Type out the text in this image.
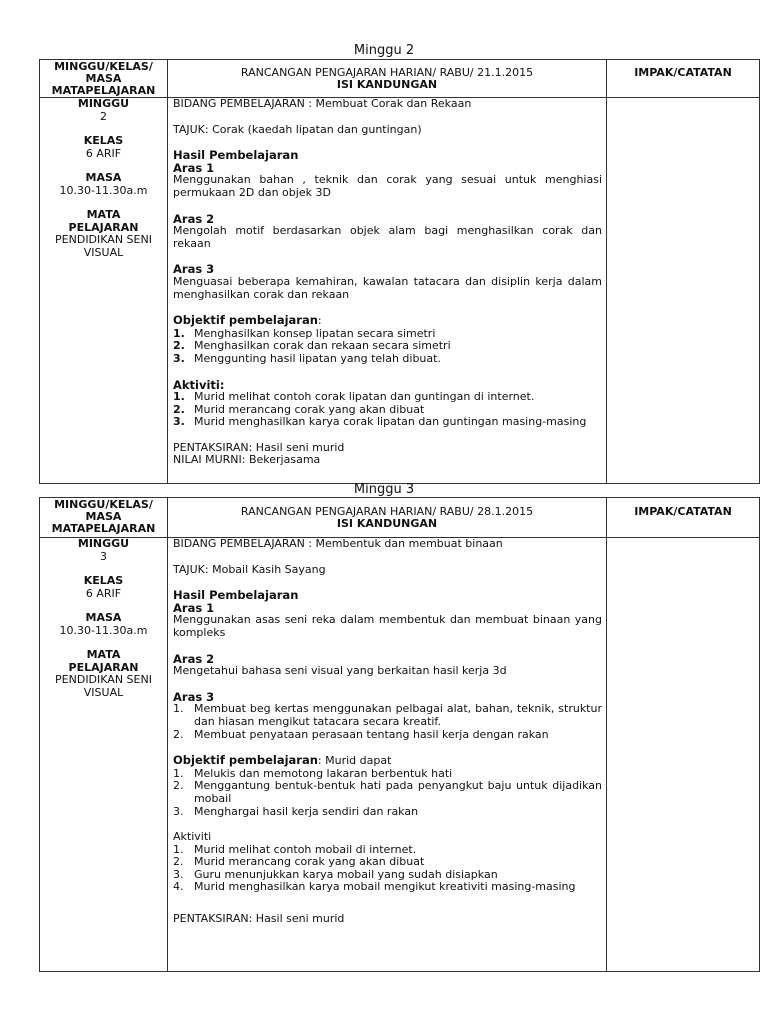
Minggu 2
MINGGU/KELAS/
MASA
MATAPELAJARAN
RANCANGAN PENGAJARAN HARIAN/ RABU/ 21.1.2015
ISI KANDUNGAN
IMPAK/CATATAN
MINGGU
2
KELAS
6 ARIF
MASA
10.30-11.30a.m
MATA
PELAJARAN
PENDIDIKAN SENI
VISUAL
BIDANG PEMBELAJARAN : Membuat Corak dan Rekaan
TAJUK: Corak (kaedah lipatan dan guntingan)
Hasil Pembelajaran
Aras 1
Menggunakan bahan , teknik dan corak yang sesuai untuk menghiasi permukaan 2D dan objek 3D
Aras 2
Mengolah motif berdasarkan objek alam bagi menghasilkan corak dan rekaan
Aras 3
Menguasai beberapa kemahiran, kawalan tatacara dan disiplin kerja dalam menghasilkan corak dan rekaan
Objektif pembelajaran:
1. Menghasilkan konsep lipatan secara simetri
2. Menghasilkan corak dan rekaan secara simetri
3. Menggunting hasil lipatan yang telah dibuat.
Aktiviti:
1. Murid melihat contoh corak lipatan dan guntingan di internet.
2. Murid merancang corak yang akan dibuat
3. Murid menghasilkan karya corak lipatan dan guntingan masing-masing
PENTAKSIRAN: Hasil seni murid
NILAI MURNI: Bekerjasama
Minggu 3
MINGGU/KELAS/
MASA
MATAPELAJARAN
RANCANGAN PENGAJARAN HARIAN/ RABU/ 28.1.2015
ISI KANDUNGAN
IMPAK/CATATAN
MINGGU
3
KELAS
6 ARIF
MASA
10.30-11.30a.m
MATA
PELAJARAN
PENDIDIKAN SENI
VISUAL
BIDANG PEMBELAJARAN : Membentuk dan membuat binaan
TAJUK: Mobail Kasih Sayang
Hasil Pembelajaran
Aras 1
Menggunakan asas seni reka dalam membentuk dan membuat binaan yang kompleks
Aras 2
Mengetahui bahasa seni visual yang berkaitan hasil kerja 3d
Aras 3
1. Membuat beg kertas menggunakan pelbagai alat, bahan, teknik, struktur dan hiasan mengikut tatacara secara kreatif.
2. Membuat penyataan perasaan tentang hasil kerja dengan rakan
Objektif pembelajaran: Murid dapat
1. Melukis dan memotong lakaran berbentuk hati
2. Menggantung bentuk-bentuk hati pada penyangkut baju untuk dijadikan mobail
3. Menghargai hasil kerja sendiri dan rakan
Aktiviti
1. Murid melihat contoh mobail di internet.
2. Murid merancang corak yang akan dibuat
3. Guru menunjukkan karya mobail yang sudah disiapkan
4. Murid menghasilkan karya mobail mengikut kreativiti masing-masing
PENTAKSIRAN: Hasil seni murid
